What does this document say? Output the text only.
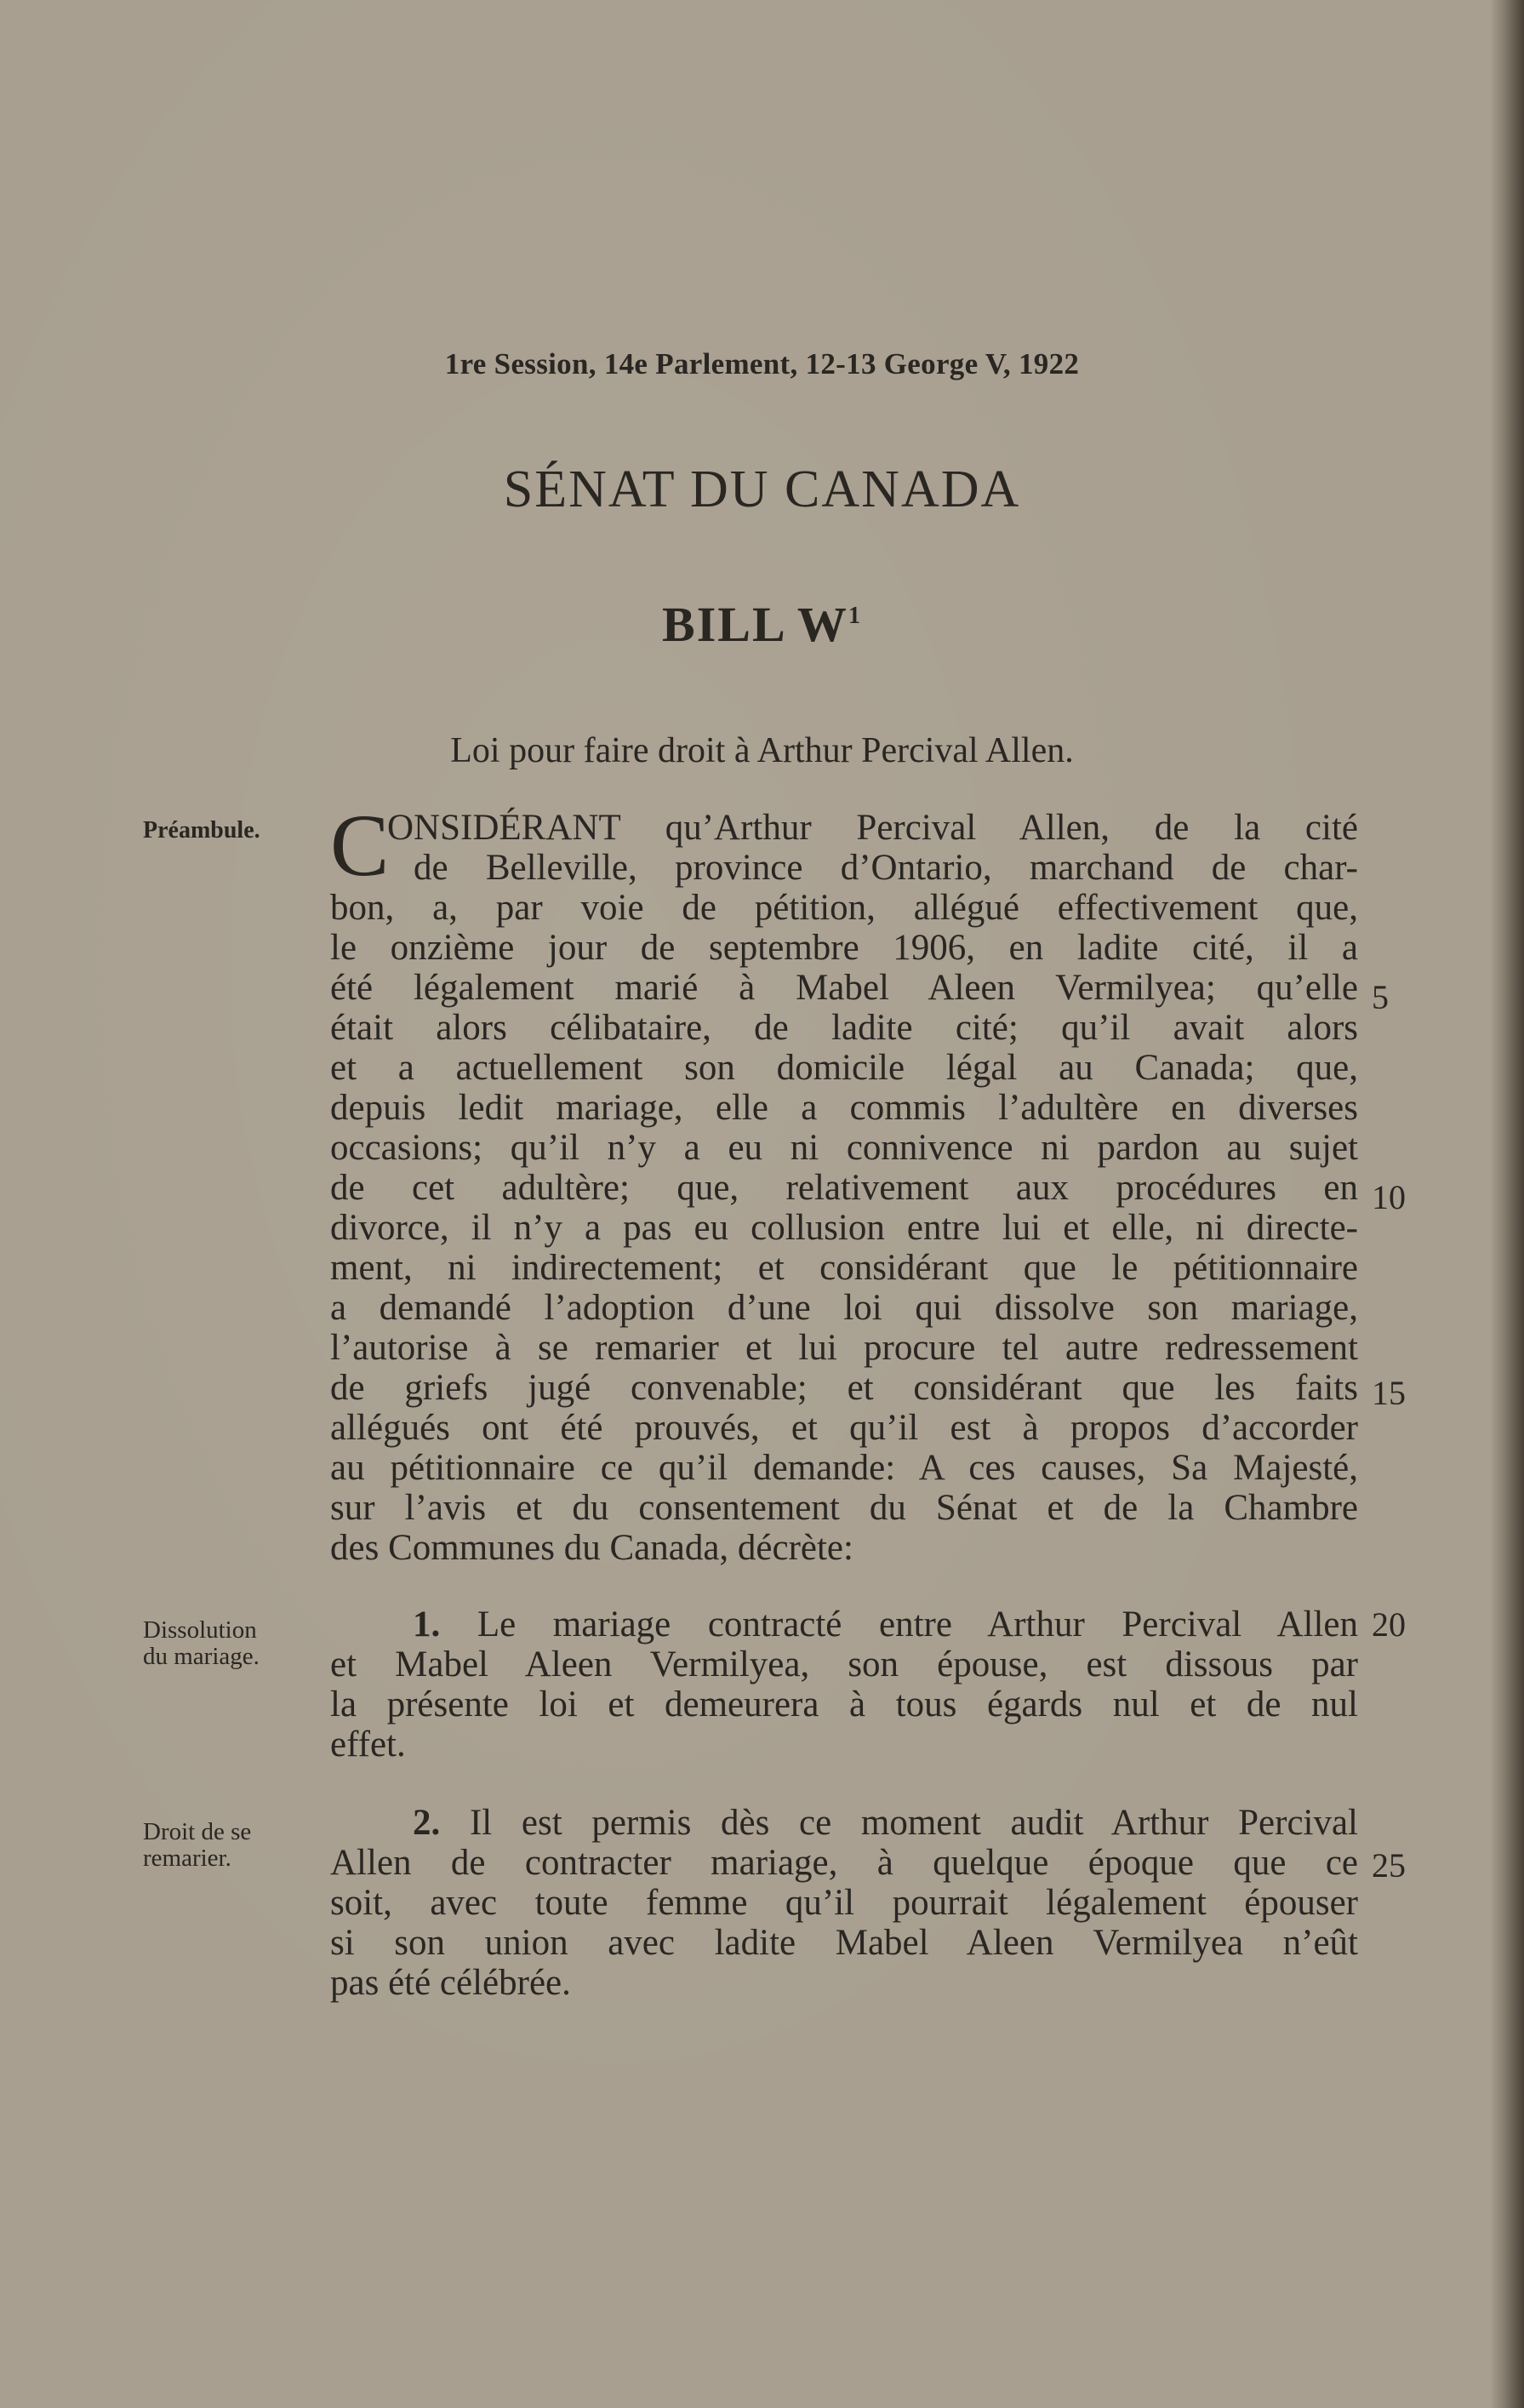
1re Session, 14e Parlement, 12-13 George V, 1922
SÉNAT DU CANADA
BILL $W^1$
Loi pour faire droit à Arthur Percival Allen.
Préambule.
Dissolution
du mariage.
Droit de se
remarier.
C
ONSIDÉRANT qu’Arthur Percival Allen, de la cité
de Belleville, province d’Ontario, marchand de char-
bon, a, par voie de pétition, allégué effectivement que,
le onzième jour de septembre 1906, en ladite cité, il a
été légalement marié à Mabel Aleen Vermilyea; qu’elle
était alors célibataire, de ladite cité; qu’il avait alors
et a actuellement son domicile légal au Canada; que,
depuis ledit mariage, elle a commis l’adultère en diverses
occasions; qu’il n’y a eu ni connivence ni pardon au sujet
de cet adultère; que, relativement aux procédures en
divorce, il n’y a pas eu collusion entre lui et elle, ni directe-
ment, ni indirectement; et considérant que le pétitionnaire
a demandé l’adoption d’une loi qui dissolve son mariage,
l’autorise à se remarier et lui procure tel autre redressement
de griefs jugé convenable; et considérant que les faits
allégués ont été prouvés, et qu’il est à propos d’accorder
au pétitionnaire ce qu’il demande: A ces causes, Sa Majesté,
sur l’avis et du consentement du Sénat et de la Chambre
des Communes du Canada, décrète:
1. Le mariage contracté entre Arthur Percival Allen
et Mabel Aleen Vermilyea, son épouse, est dissous par
la présente loi et demeurera à tous égards nul et de nul
effet.
2. Il est permis dès ce moment audit Arthur Percival
Allen de contracter mariage, à quelque époque que ce
soit, avec toute femme qu’il pourrait légalement épouser
si son union avec ladite Mabel Aleen Vermilyea n’eût
pas été célébrée.
5
10
15
20
25
